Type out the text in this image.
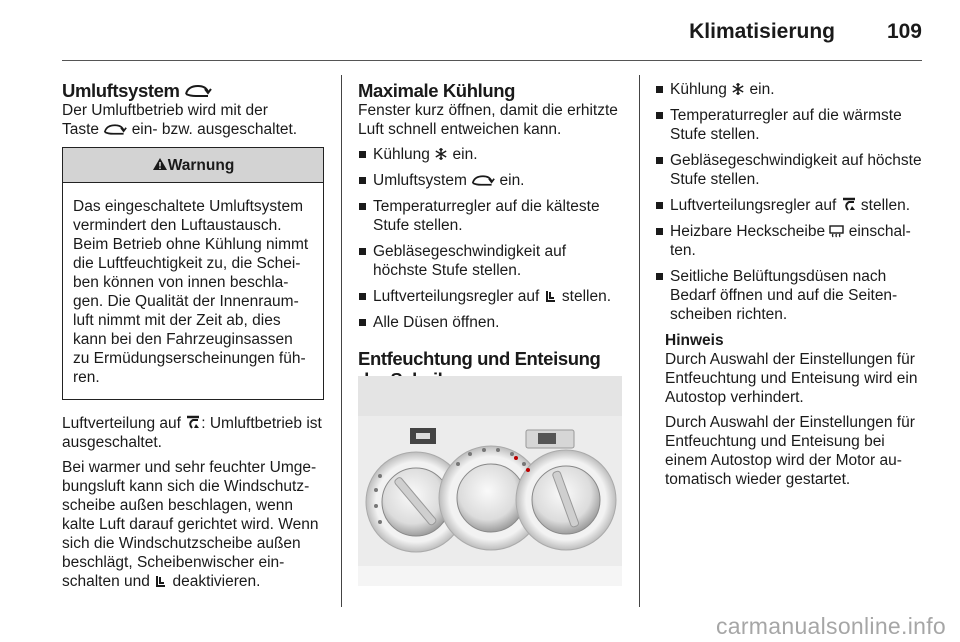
Klimatisierung 109
Umluftsystem

Der Umluftbetrieb wird mit der
Taste ein- bzw. ausgeschaltet.

Warnung
Das eingeschaltete Umluftsystem vermindert den Luftaustausch. Beim Betrieb ohne Kühlung nimmt die Luftfeuchtigkeit zu, die Schei-ben können von innen beschla-gen. Die Qualität der Innenraum-luft nimmt mit der Zeit ab, dies kann bei den Fahrzeuginsassen zu Ermüdungserscheinungen füh-ren.

Luftverteilung auf : Umluftbetrieb ist ausgeschaltet.

Bei warmer und sehr feuchter Umge-bungsluft kann sich die Windschutz-scheibe außen beschlagen, wenn kalte Luft darauf gerichtet wird. Wenn sich die Windschutzscheibe außen beschlägt, Scheibenwischer ein-schalten und deaktivieren.

Maximale Kühlung

Fenster kurz öffnen, damit die erhitzte Luft schnell entweichen kann.

Kühlung ein.
Umluftsystem ein.
Temperaturregler auf die kälteste Stufe stellen.
Gebläsegeschwindigkeit auf höchste Stufe stellen.
Luftverteilungsregler auf stellen.
Alle Düsen öffnen.
Entfeuchtung und Enteisung
Kühlung ein.
Temperaturregler auf die wärmste Stufe stellen.
Gebläsegeschwindigkeit auf höchste Stufe stellen.
Luftverteilungsregler auf stellen.
Heizbare Heckscheibe einschal-ten.
Seitliche Belüftungsdüsen nach Bedarf öffnen und auf die Seiten-scheiben richten.
Hinweis

Durch Auswahl der Einstellungen für Entfeuchtung und Enteisung wird ein Autostop verhindert.

Durch Auswahl der Einstellungen für Entfeuchtung und Enteisung bei einem Autostop wird der Motor au-tomatisch wieder gestartet.

carmanualsonline.info
